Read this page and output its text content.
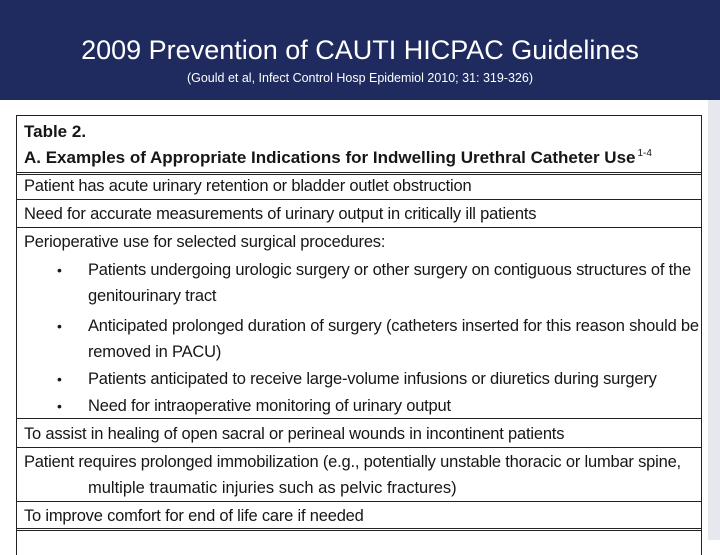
2009 Prevention of CAUTI HICPAC Guidelines
(Gould et al, Infect Control Hosp Epidemiol 2010; 31: 319-326)
Table 2.
A. Examples of Appropriate Indications for Indwelling Urethral Catheter Use $^{1-4}$
Patient has acute urinary retention or bladder outlet obstruction
Need for accurate measurements of urinary output in critically ill patients
Perioperative use for selected surgical procedures:
• Patients undergoing urologic surgery or other surgery on contiguous structures of the
genitourinary tract
• Anticipated prolonged duration of surgery (catheters inserted for this reason should be
removed in PACU)
• Patients anticipated to receive large-volume infusions or diuretics during surgery
• Need for intraoperative monitoring of urinary output
To assist in healing of open sacral or perineal wounds in incontinent patients
Patient requires prolonged immobilization (e.g., potentially unstable thoracic or lumbar spine,
multiple traumatic injuries such as pelvic fractures)
To improve comfort for end of life care if needed
